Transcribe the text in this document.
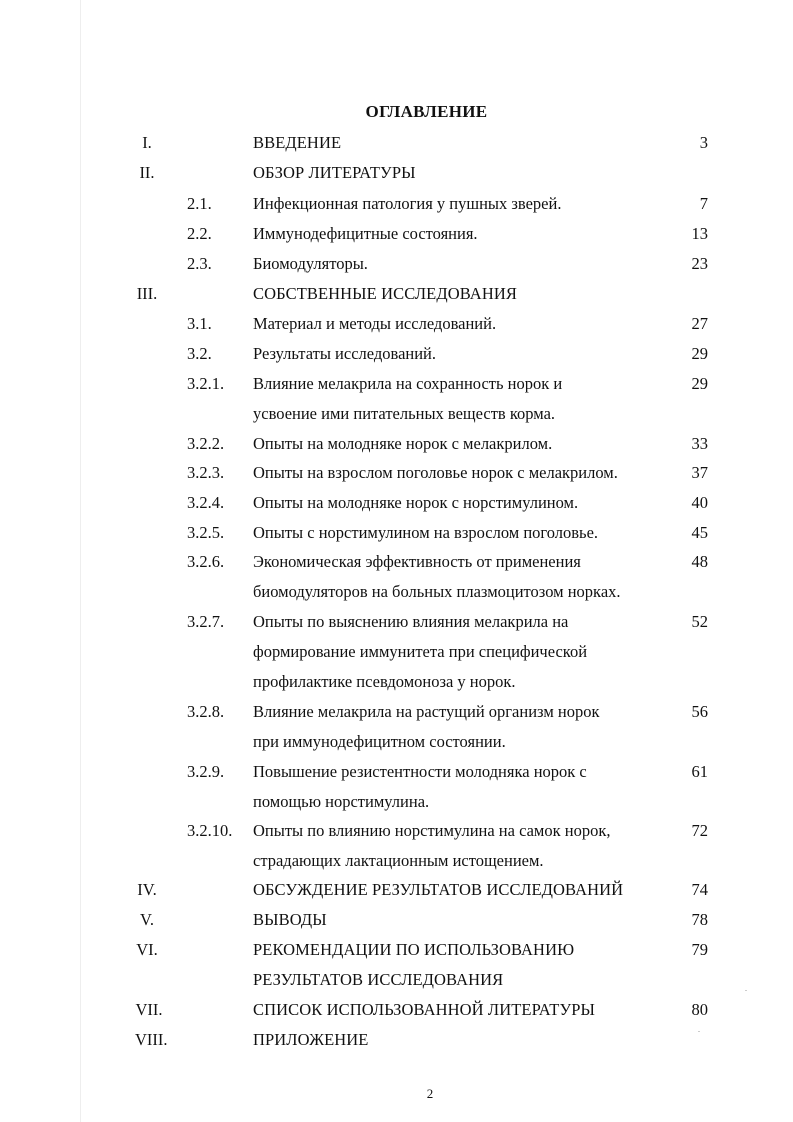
ОГЛАВЛЕНИЕ
I.	ВВЕДЕНИЕ	3
II.	ОБЗОР ЛИТЕРАТУРЫ
2.1.	Инфекционная патология у пушных зверей.	7
2.2.	Иммунодефицитные состояния.	13
2.3.	Биомодуляторы.	23
III.	СОБСТВЕННЫЕ ИССЛЕДОВАНИЯ
3.1.	Материал и методы исследований.	27
3.2.	Результаты исследований.	29
3.2.1. Влияние мелакрила на сохранность норок и	29
усвоение ими питательных веществ корма.
3.2.2. Опыты на молодняке норок с мелакрилом.	33
3.2.3. Опыты на взрослом поголовье норок с мелакрилом.	37
3.2.4. Опыты на молодняке норок с норстимулином.	40
3.2.5. Опыты с норстимулином на взрослом поголовье.	45
3.2.6. Экономическая эффективность от применения	48
биомодуляторов на больных плазмоцитозом норках.
3.2.7. Опыты по выяснению влияния мелакрила на	52
формирование иммунитета при специфической
профилактике псевдомоноза у норок.
3.2.8. Влияние мелакрила на растущий организм норок	56
при иммунодефицитном состоянии.
3.2.9. Повышение резистентности молодняка норок с	61
помощью норстимулина.
3.2.10. Опыты по влиянию норстимулина на самок норок,	72
страдающих лактационным истощением.
IV.	ОБСУЖДЕНИЕ РЕЗУЛЬТАТОВ ИССЛЕДОВАНИЙ	74
V.	ВЫВОДЫ	78
VI.	РЕКОМЕНДАЦИИ ПО ИСПОЛЬЗОВАНИЮ	79
РЕЗУЛЬТАТОВ ИССЛЕДОВАНИЯ
VII.	СПИСОК ИСПОЛЬЗОВАННОЙ ЛИТЕРАТУРЫ	80
VIII.	ПРИЛОЖЕНИЕ
2
